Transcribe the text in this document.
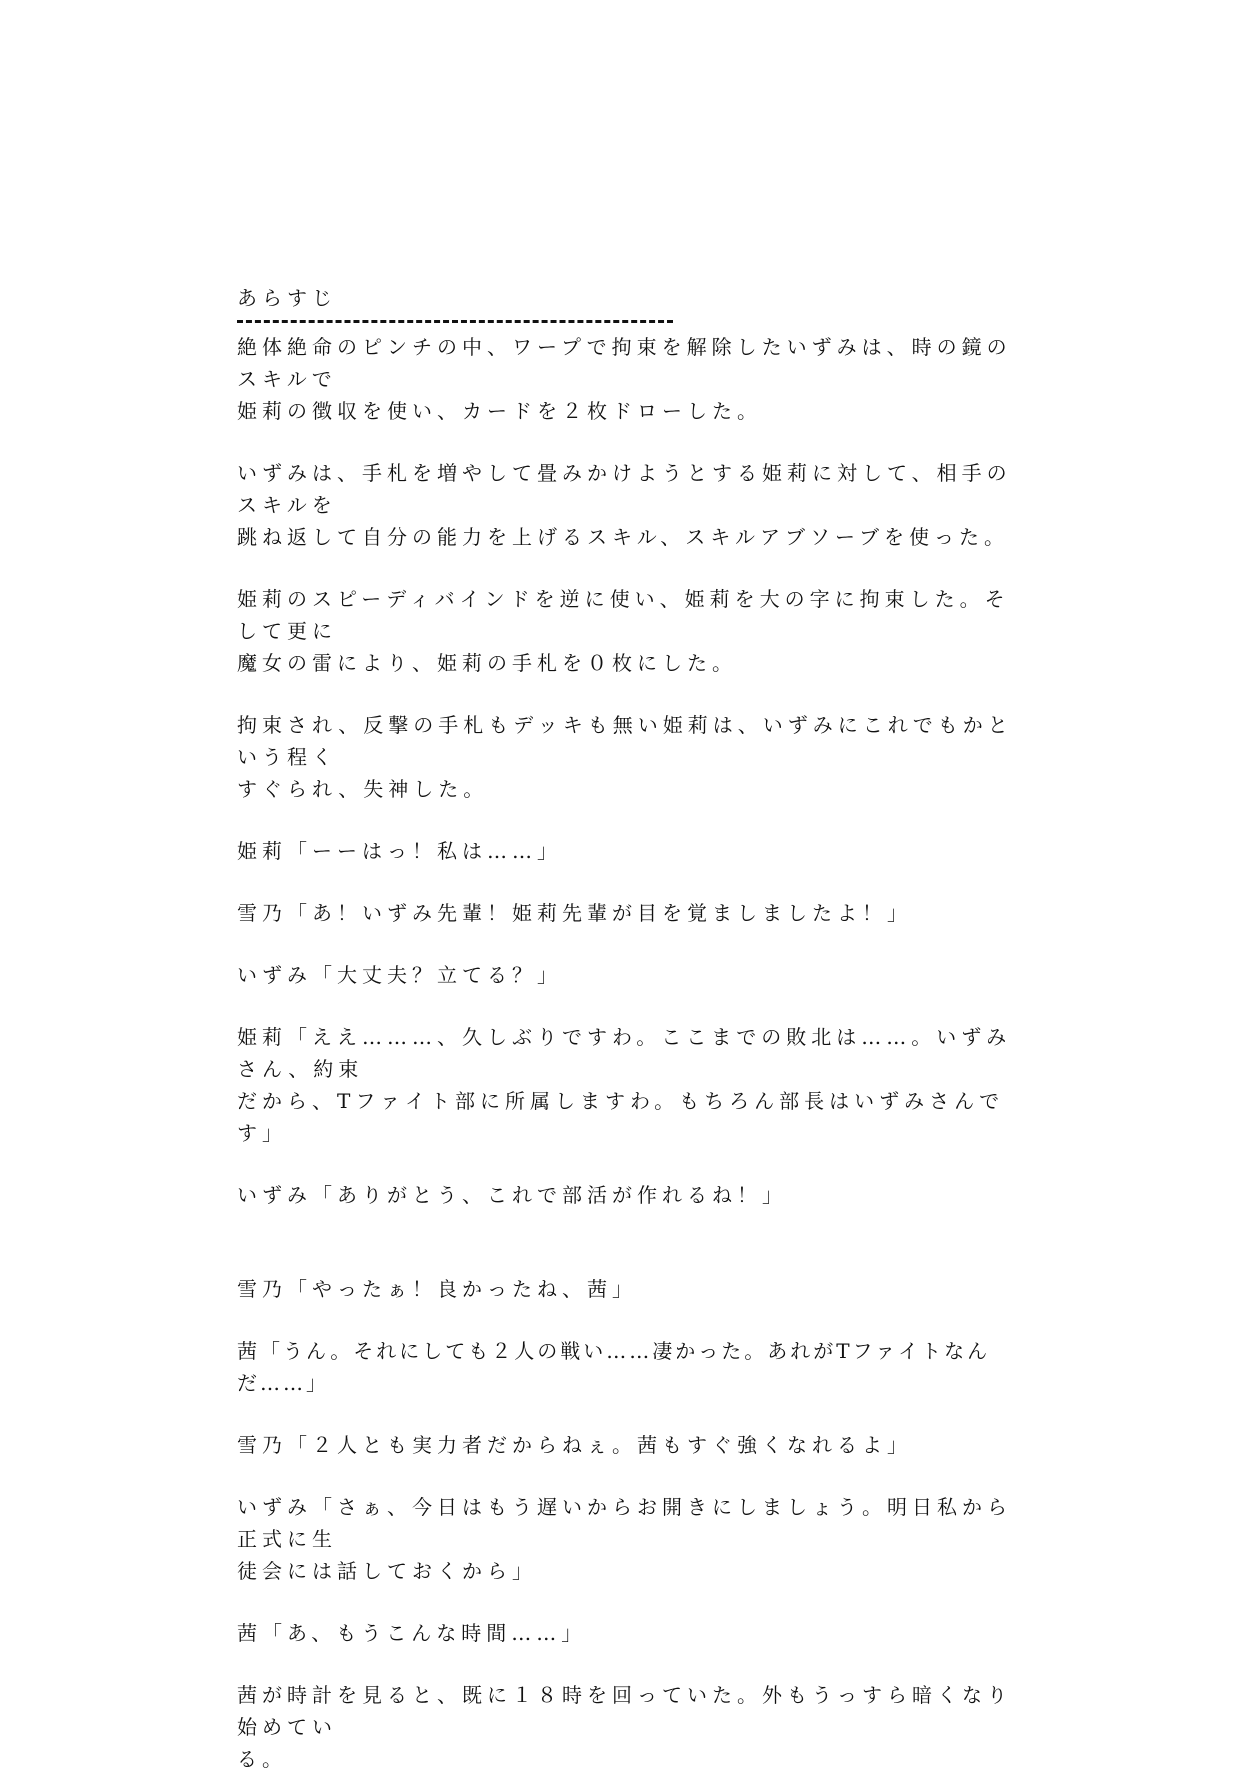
あらすじ

絶体絶命のピンチの中、ワープで拘束を解除したいずみは、時の鏡のスキルで
姫莉の徴収を使い、カードを２枚ドローした。

いずみは、手札を増やして畳みかけようとする姫莉に対して、相手のスキルを
跳ね返して自分の能力を上げるスキル、スキルアブソーブを使った。

姫莉のスピーディバインドを逆に使い、姫莉を大の字に拘束した。そして更に
魔女の雷により、姫莉の手札を０枚にした。

拘束され、反撃の手札もデッキも無い姫莉は、いずみにこれでもかという程く
すぐられ、失神した。

姫莉「ーーはっ！私は……」

雪乃「あ！いずみ先輩！姫莉先輩が目を覚ましましたよ！」

いずみ「大丈夫？立てる？」

姫莉「ええ………、久しぶりですわ。ここまでの敗北は……。いずみさん、約束
だから、Tファイト部に所属しますわ。もちろん部長はいずみさんです」

いずみ「ありがとう、これで部活が作れるね！」

雪乃「やったぁ！良かったね、茜」

茜「うん。それにしても２人の戦い……凄かった。あれがTファイトなんだ……」

雪乃「２人とも実力者だからねぇ。茜もすぐ強くなれるよ」

いずみ「さぁ、今日はもう遅いからお開きにしましょう。明日私から正式に生
徒会には話しておくから」

茜「あ、もうこんな時間……」

茜が時計を見ると、既に１８時を回っていた。外もうっすら暗くなり始めてい
る。
